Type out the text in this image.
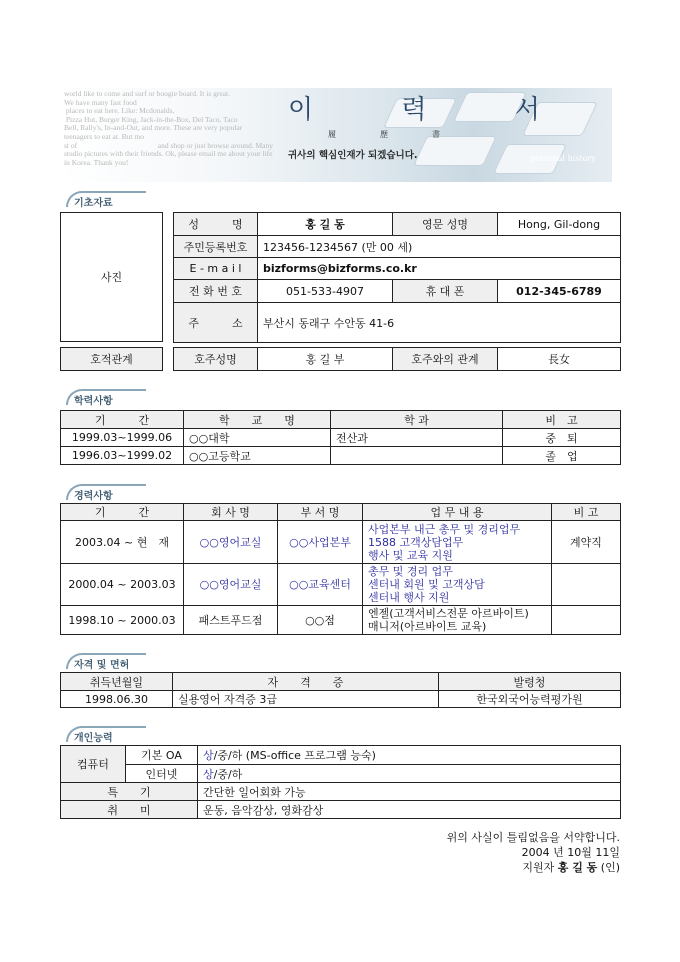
world like to come and surf or boogie board. It is great.
We have many fast food
places to eat here. Like: Mcdonalds,
Pizza Hut, Burger King, Jack-in-the-Box, Del Taco, Taco
Bell, Rally's, In-and-Out, and more. These are very popular
teenagers to eat at. But mo
st of                                           and shop or just browse around. Many
studio pictures with their friends. Ok, please email me about your life in Korea. Thank you!
이 력 서
履歷書
귀사의 핵심인재가 되겠습니다.	personal history
기초자료
사진
성　　　명	홍 길 동	영문 성명	Hong, Gil-dong
주민등록번호	123456-1234567 (만 00 세)		
E - m a i l	bizforms@bizforms.co.kr		
전 화 번 호	051-533-4907	휴 대 폰	012-345-6789
주　　　소	부산시 동래구 수안동 41-6		
호적관계	호주성명	홍 길 부	호주와의 관계	長女
학력사항
기　　　간	학　　교　　명	학 과	비　고
1999.03~1999.06	○○대학	전산과	중　퇴
1996.03~1999.02	○○고등학교		졸　업
경력사항
기　　　간	회 사 명	부 서 명	업 무 내 용	비 고
2003.04 ~ 현　재	○○영어교실	○○사업본부	사업본부 내근 총무 및 경리업무
1588 고객상담업무
행사 및 교육 지원	계약직
2000.04 ~ 2003.03	○○영어교실	○○교육센터	총무 및 경리 업무
센터내 회원 및 고객상담
센터내 행사 지원	

1998.10 ~ 2000.03	패스트푸드점	○○점	엔젤(고객서비스전문 아르바이트)
매니저(아르바이트 교육)	

자격 및 면허
취득년월일	자　　격　　증	발령청
1998.06.30	실용영어 자격증 3급	한국외국어능력평가원
개인능력
컴퓨터	기본 OA	상/중/하 (MS-office 프로그램 능숙)
	인터넷	상/중/하
특　　기		간단한 일어회화 가능
취　　미		운동, 음악감상, 영화감상
위의 사실이 틀림없음을 서약합니다.
2004 년 10월 11일
지원자 홍 길 동 (인)
